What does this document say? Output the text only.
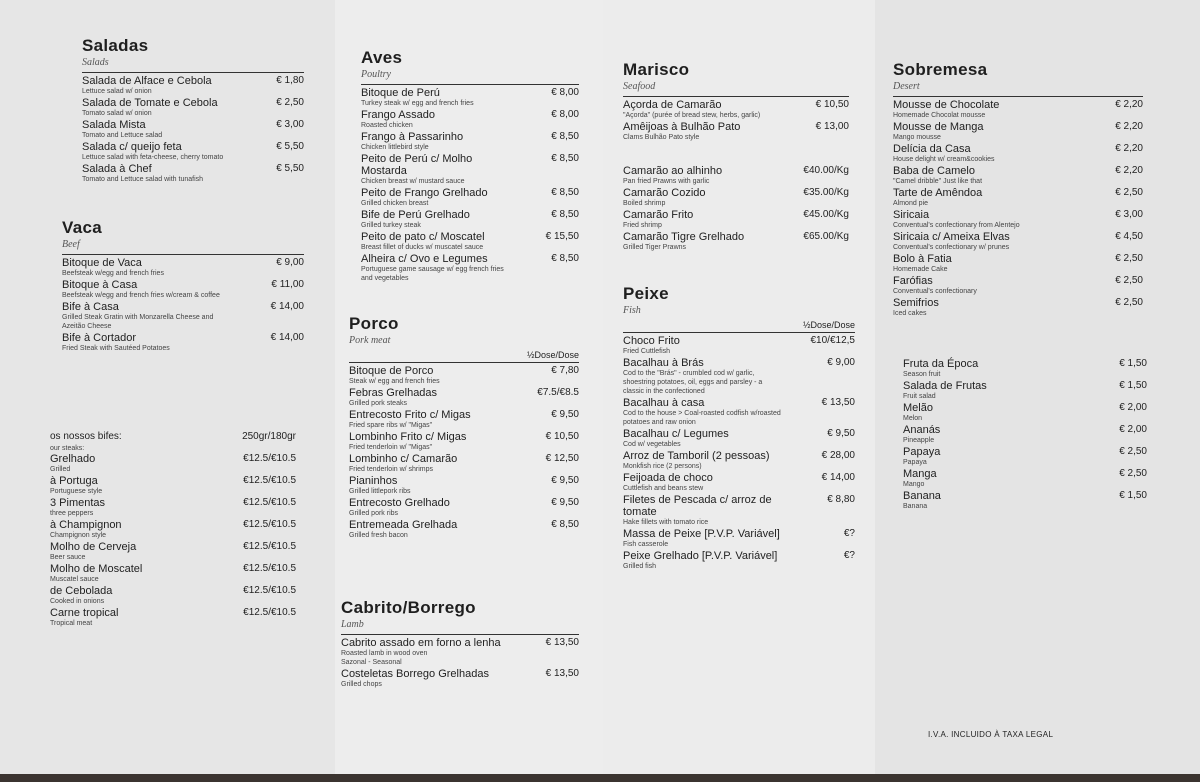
Saladas
Salads
Salada de Alface e Cebola
Lettuce salad w/ onion
€ 1,80
Salada de Tomate e Cebola
Tomato salad w/ onion
€ 2,50
Salada Mista
Tomato and Lettuce salad
€ 3,00
Salada c/ queijo feta
Lettuce salad with feta-cheese, cherry tomato
€ 5,50
Salada à Chef
Tomato and Lettuce salad with tunafish
€ 5,50
Vaca
Beef
Bitoque de Vaca
Beefsteak w/egg and french fries
€ 9,00
Bitoque à Casa
Beefsteak w/egg and french fries w/cream & coffee
€ 11,00
Bife à Casa
Grilled Steak Gratin with Monzarella Cheese and Azeitão Cheese
€ 14,00
Bife à Cortador
Fried Steak with Sautéed Potatoes
€ 14,00
os nossos bifes:	250gr/180gr
our steaks:
Grelhado
Grilled
€12.5/€10.5
à Portuga
Portuguese style
€12.5/€10.5
3 Pimentas
three peppers
€12.5/€10.5
à Champignon
Champignon style
€12.5/€10.5
Molho de Cerveja
Beer sauce
€12.5/€10.5
Molho de Moscatel
Muscatel sauce
€12.5/€10.5
de Cebolada
Cooked in onions
€12.5/€10.5
Carne tropical
Tropical meat
€12.5/€10.5
Aves
Poultry
Bitoque de Perú
Turkey steak w/ egg and french fries
€ 8,00
Frango Assado
Roasted chicken
€ 8,00
Frango à Passarinho
Chicken littlebird style
€ 8,50
Peito de Perú c/ Molho Mostarda
Chicken breast w/ mustard sauce
€ 8,50
Peito de Frango Grelhado
Grilled chicken breast
€ 8,50
Bife de Perú Grelhado
Grilled turkey steak
€ 8,50
Peito de pato c/ Moscatel
Breast fillet of ducks w/ muscatel sauce
€ 15,50
Alheira c/ Ovo e Legumes
Portuguese game sausage w/ egg french fries and vegetables
€ 8,50
Porco
Pork meat
½Dose/Dose
Bitoque de Porco
Steak w/ egg and french fries
€ 7,80
Febras Grelhadas
Grilled pork steaks
€7.5/€8.5
Entrecosto Frito c/ Migas
Fried spare ribs w/ "Migas"
€ 9,50
Lombinho Frito c/ Migas
Fried tenderloin w/ "Migas"
€ 10,50
Lombinho c/ Camarão
Fried tenderloin w/ shrimps
€ 12,50
Pianinhos
Grilled littlepork ribs
€ 9,50
Entrecosto Grelhado
Grilled pork ribs
€ 9,50
Entremeada Grelhada
Grilled fresh bacon
€ 8,50
Cabrito/Borrego
Lamb
Cabrito assado em forno a lenha
Roasted lamb in wood oven
Sazonal - Seasonal
€ 13,50
Costeletas Borrego Grelhadas
Grilled chops
€ 13,50
Marisco
Seafood
Açorda de Camarão
"Açorda" (purée of bread stew, herbs, garlic)
€ 10,50
Amêijoas à Bulhão Pato
Clams Bulhão Pato style
€ 13,00
Camarão ao alhinho
Pan fried Prawns with garlic
€40.00/Kg
Camarão Cozido
Boiled shrimp
€35.00/Kg
Camarão Frito
Fried shrimp
€45.00/Kg
Camarão Tigre Grelhado
Grilled Tiger Prawns
€65.00/Kg
Peixe
Fish
½Dose/Dose
Choco Frito
Fried Cuttlefish
€10/€12,5
Bacalhau à Brás
Cod to the "Brás" - crumbled cod w/ garlic, shoestring potatoes, oil, eggs and parsley - a classic in the confectioned
€ 9,00
Bacalhau à casa
Cod to the house > Coal-roasted codfish w/roasted potatoes and raw onion
€ 13,50
Bacalhau c/ Legumes
Cod w/ vegetables
€ 9,50
Arroz de Tamboril (2 pessoas)
Monkfish rice (2 persons)
€ 28,00
Feijoada de choco
Cuttlefish and beans stew
€ 14,00
Filetes de Pescada c/ arroz de tomate
Hake fillets with tomato rice
€ 8,80
Massa de Peixe [P.V.P. Variável]
Fish casserole
€?
Peixe Grelhado [P.V.P. Variável]
Grilled fish
€?
Sobremesa
Desert
Mousse de Chocolate
Homemade Chocolat mousse
€ 2,20
Mousse de Manga
Mango mousse
€ 2,20
Delícia da Casa
House delight w/ cream&cookies
€ 2,20
Baba de Camelo
"Camel dribble" Just like that
€ 2,20
Tarte de Amêndoa
Almond pie
€ 2,50
Siricaia
Conventual's confectionary from Alentejo
€ 3,00
Siricaia c/ Ameixa Elvas
Conventual's confectionary w/ prunes
€ 4,50
Bolo à Fatia
Homemade Cake
€ 2,50
Farófias
Conventual's confectionary
€ 2,50
Semifrios
Iced cakes
€ 2,50
Fruta da Época
Season fruit
€ 1,50
Salada de Frutas
Fruit salad
€ 1,50
Melão
Melon
€ 2,00
Ananás
Pineapple
€ 2,00
Papaya
Papaya
€ 2,50
Manga
Mango
€ 2,50
Banana
Banana
€ 1,50
I.V.A. INCLUIDO À TAXA LEGAL
